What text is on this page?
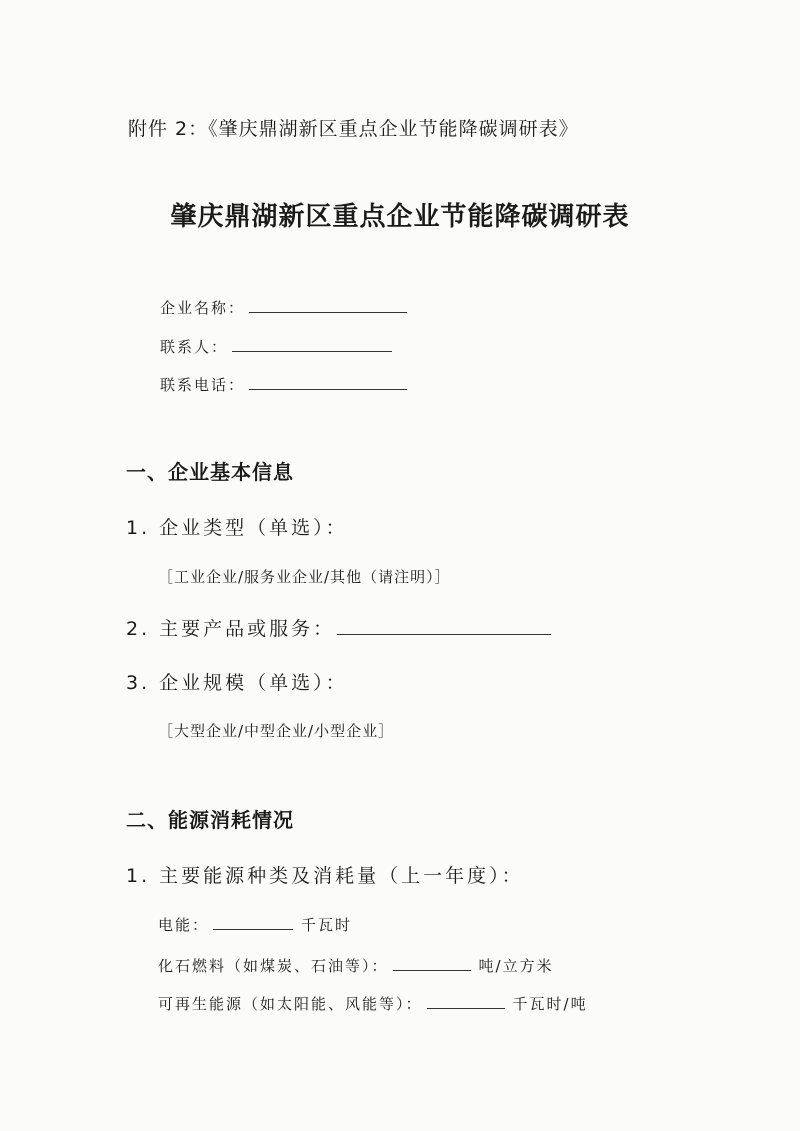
附件 2：《肇庆鼎湖新区重点企业节能降碳调研表》
肇庆鼎湖新区重点企业节能降碳调研表
企业名称：
联系人：
联系电话：
一、企业基本信息
1. 企业类型（单选）：
［工业企业/服务业企业/其他（请注明）］
2. 主要产品或服务：
3. 企业规模（单选）：
［大型企业/中型企业/小型企业］
二、能源消耗情况
1. 主要能源种类及消耗量（上一年度）：
电能：	千瓦时
化石燃料（如煤炭、石油等）：	吨/立方米
可再生能源（如太阳能、风能等）：	千瓦时/吨
